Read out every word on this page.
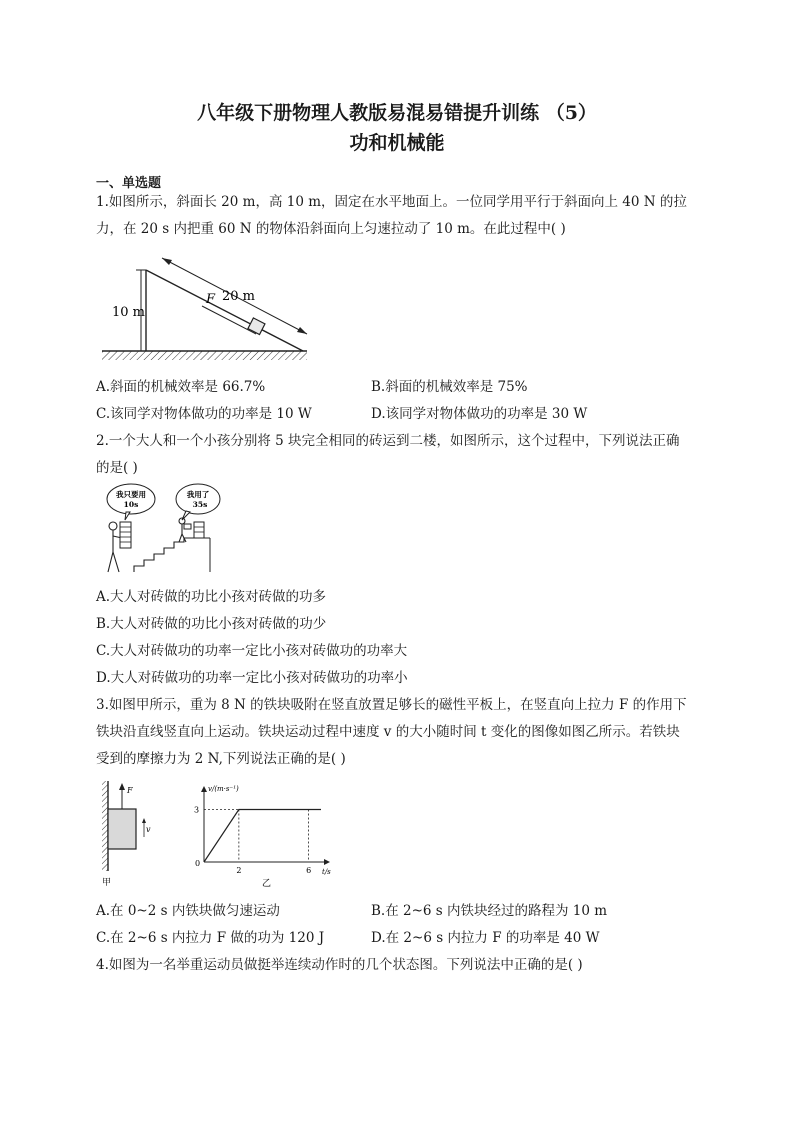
八年级下册物理人教版易混易错提升训练 （5）
功和机械能
一、单选题
1.如图所示，斜面长 20 m，高 10 m，固定在水平地面上。一位同学用平行于斜面向上 40 N 的拉
力，在 20 s 内把重 60 N 的物体沿斜面向上匀速拉动了 10 m。在此过程中( )
10 m
20 m
F
A.斜面的机械效率是 66.7%	B.斜面的机械效率是 75%
C.该同学对物体做功的功率是 10 W	D.该同学对物体做功的功率是 30 W
2.一个大人和一个小孩分别将 5 块完全相同的砖运到二楼，如图所示，这个过程中，下列说法正确
的是( )
我只要用
10s
我用了
35s
A.大人对砖做的功比小孩对砖做的功多
B.大人对砖做的功比小孩对砖做的功少
C.大人对砖做功的功率一定比小孩对砖做功的功率大
D.大人对砖做功的功率一定比小孩对砖做功的功率小
3.如图甲所示，重为 8 N 的铁块吸附在竖直放置足够长的磁性平板上，在竖直向上拉力 F 的作用下
铁块沿直线竖直向上运动。铁块运动过程中速度 v 的大小随时间 t 变化的图像如图乙所示。若铁块
受到的摩擦力为 2 N,下列说法正确的是( )
F
v
甲
v/(m·s⁻¹)
t/s
0
2	6
3
乙
A.在 0~2 s 内铁块做匀速运动	B.在 2~6 s 内铁块经过的路程为 10 m
C.在 2~6 s 内拉力 F 做的功为 120 J	D.在 2~6 s 内拉力 F 的功率是 40 W
4.如图为一名举重运动员做挺举连续动作时的几个状态图。下列说法中正确的是( )
